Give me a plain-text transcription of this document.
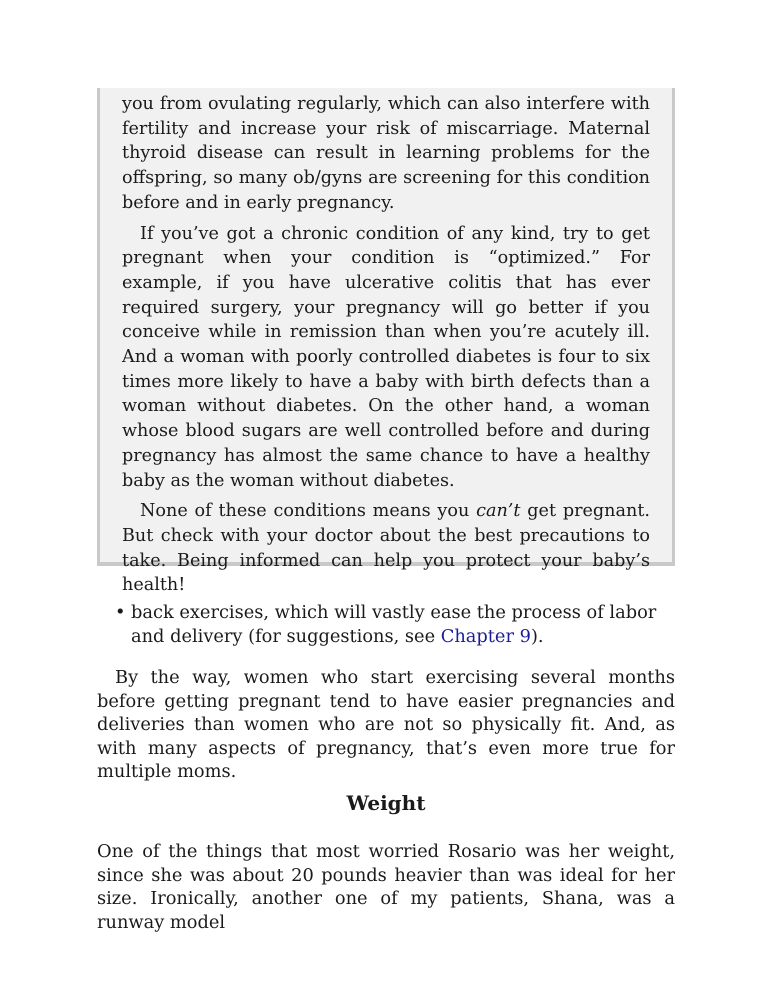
you from ovulating regularly, which can also interfere with fertility and increase your risk of miscarriage. Maternal thyroid disease can result in learning problems for the offspring, so many ob/gyns are screening for this condition before and in early pregnancy.

If you’ve got a chronic condition of any kind, try to get pregnant when your condition is “optimized.” For example, if you have ulcerative colitis that has ever required surgery, your pregnancy will go better if you conceive while in remission than when you’re acutely ill. And a woman with poorly controlled diabetes is four to six times more likely to have a baby with birth defects than a woman without diabetes. On the other hand, a woman whose blood sugars are well controlled before and during pregnancy has almost the same chance to have a healthy baby as the woman without diabetes.

None of these conditions means you can’t get pregnant. But check with your doctor about the best precautions to take. Being informed can help you protect your baby’s health!

• back exercises, which will vastly ease the process of labor and delivery (for suggestions, see Chapter 9).

By the way, women who start exercising several months before getting pregnant tend to have easier pregnancies and deliveries than women who are not so physically fit. And, as with many aspects of pregnancy, that’s even more true for multiple moms.

Weight

One of the things that most worried Rosario was her weight, since she was about 20 pounds heavier than was ideal for her size. Ironically, another one of my patients, Shana, was a runway model
